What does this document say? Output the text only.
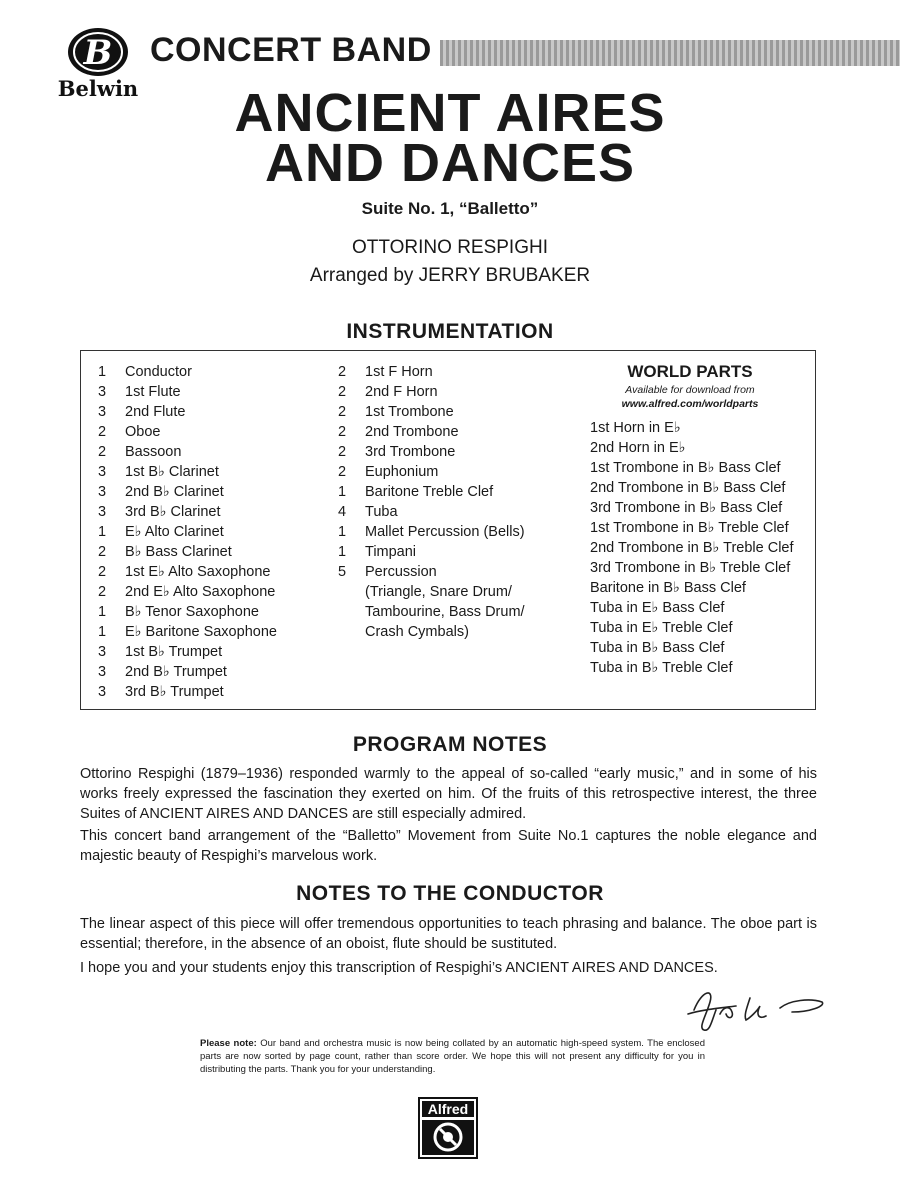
B
Belwin
CONCERT BAND
ANCIENT AIRES
AND DANCES
Suite No. 1, “Balletto”
OTTORINO RESPIGHI
Arranged by JERRY BRUBAKER
INSTRUMENTATION
1	Conductor
3	1st Flute
3	2nd Flute
2	Oboe
2	Bassoon
3	1st B♭ Clarinet
3	2nd B♭ Clarinet
3	3rd B♭ Clarinet
1	E♭ Alto Clarinet
2	B♭ Bass Clarinet
2	1st E♭ Alto Saxophone
2	2nd E♭ Alto Saxophone
1	B♭ Tenor Saxophone
1	E♭ Baritone Saxophone
3	1st B♭ Trumpet
3	2nd B♭ Trumpet
3	3rd B♭ Trumpet
2	1st F Horn
2	2nd F Horn
2	1st Trombone
2	2nd Trombone
2	3rd Trombone
2	Euphonium
1	Baritone Treble Clef
4	Tuba
1	Mallet Percussion (Bells)
1	Timpani
5	Percussion
(Triangle, Snare Drum/
Tambourine, Bass Drum/
Crash Cymbals)
WORLD PARTS
Available for download from
www.alfred.com/worldparts
1st Horn in E♭
2nd Horn in E♭
1st Trombone in B♭ Bass Clef
2nd Trombone in B♭ Bass Clef
3rd Trombone in B♭ Bass Clef
1st Trombone in B♭ Treble Clef
2nd Trombone in B♭ Treble Clef
3rd Trombone in B♭ Treble Clef
Baritone in B♭ Bass Clef
Tuba in E♭ Bass Clef
Tuba in E♭ Treble Clef
Tuba in B♭ Bass Clef
Tuba in B♭ Treble Clef
PROGRAM NOTES
Ottorino Respighi (1879–1936) responded warmly to the appeal of so-called “early music,” and in some of his works freely expressed the fascination they exerted on him. Of the fruits of this retrospective interest, the three Suites of ANCIENT AIRES AND DANCES are still especially admired.
This concert band arrangement of the “Balletto” Movement from Suite No.1 captures the noble elegance and majestic beauty of Respighi’s marvelous work.
NOTES TO THE CONDUCTOR
The linear aspect of this piece will offer tremendous opportunities to teach phrasing and balance. The oboe part is essential; therefore, in the absence of an oboist, flute should be sustituted.
I hope you and your students enjoy this transcription of Respighi’s ANCIENT AIRES AND DANCES.
Please note: Our band and orchestra music is now being collated by an automatic high-speed system. The enclosed parts are now sorted by page count, rather than score order. We hope this will not present any difficulty for you in distributing the parts. Thank you for your understanding.
Alfred
